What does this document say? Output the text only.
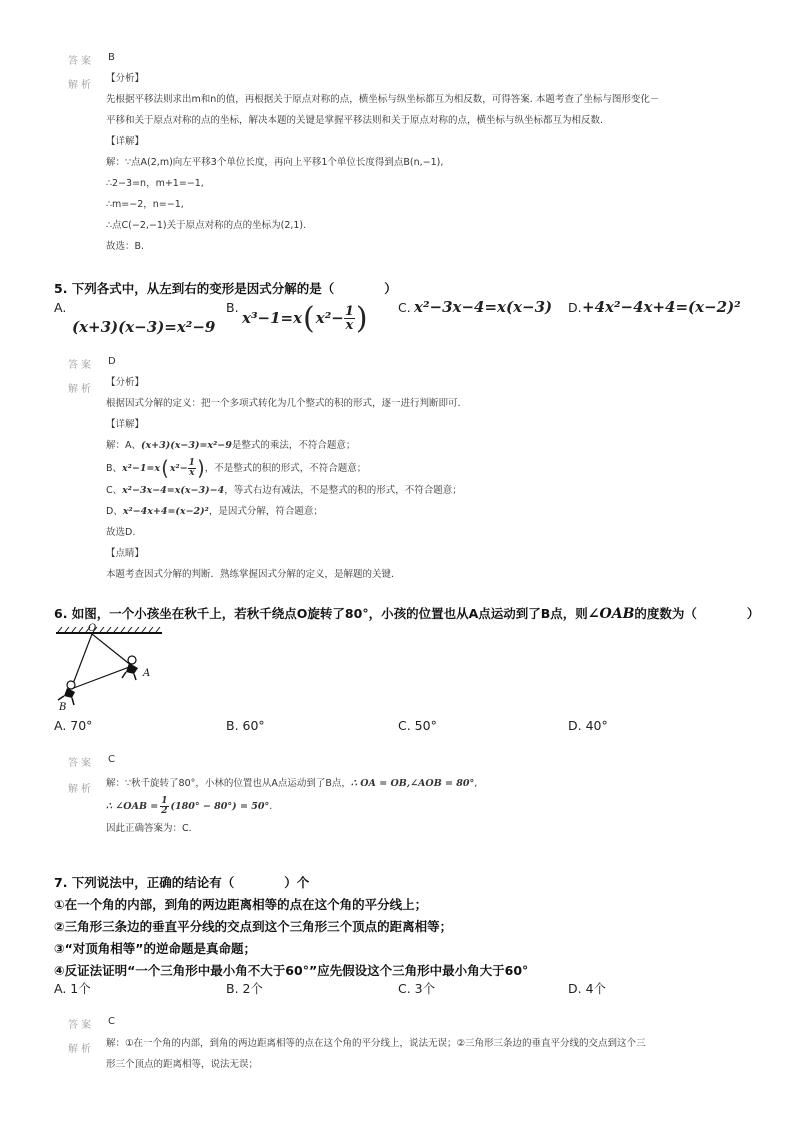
答案 B
解析
【分析】
先根据平移法则求出m和n的值，再根据关于原点对称的点，横坐标与纵坐标都互为相反数，可得答案. 本题考查了坐标与图形变化－
平移和关于原点对称的点的坐标，解决本题的关键是掌握平移法则和关于原点对称的点，横坐标与纵坐标都互为相反数.
【详解】
解：∵点A(2,m)向左平移3个单位长度，再向上平移1个单位长度得到点B(n,−1),
∴2−3=n，m+1=−1,
∴m=−2，n=−1,
∴点C(−2,−1)关于原点对称的点的坐标为(2,1).
故选：B.
5. 下列各式中，从左到右的变形是因式分解的是（　　　　）
A.
(x+3)(x−3)=x²−9
B.
x³−1=x ( $x^2- \frac{1}{x}$ ) C. x²−3x−4=x(x−3) D. +4x²−4x+4=(x−2)²
答案 D
解析
【分析】
根据因式分解的定义：把一个多项式转化为几个整式的积的形式，逐一进行判断即可.
【详解】
解：A、(x+3)(x−3)=x²−9是整式的乘法，不符合题意；
B、 x²−1=x ( $x^2- \frac{1}{x}$ ) ，不是整式的积的形式，不符合题意；
C、x²−3x−4=x(x−3)−4，等式右边有减法，不是整式的积的形式，不符合题意；
D、x²−4x+4=(x−2)²，是因式分解，符合题意；
故选D.
【点睛】
本题考查因式分解的判断．熟练掌握因式分解的定义，是解题的关键．
6. 如图，一个小孩坐在秋千上，若秋千绕点O旋转了80°，小孩的位置也从A点运动到了B点，则∠OAB的度数为（　　　　）
O
A
B
A. 70°	B. 60°	C. 50°	D. 40°
答案 C
解析
解：∵秋千旋转了80°，小林的位置也从A点运动到了B点，∴ OA = OB,∠AOB = 80°,
∴ ∠OAB = $\frac{1}{2} (180^\circ - 80^\circ) = 50^\circ$ .
因此正确答案为：C.
7. 下列说法中，正确的结论有（　　　　）个
①在一个角的内部，到角的两边距离相等的点在这个角的平分线上；
②三角形三条边的垂直平分线的交点到这个三角形三个顶点的距离相等；
③“对顶角相等”的逆命题是真命题；
④反证法证明“一个三角形中最小角不大于60°”应先假设这个三角形中最小角大于60°
A. 1个	B. 2个	C. 3个	D. 4个
答案 C
解析
解：①在一个角的内部，到角的两边距离相等的点在这个角的平分线上，说法无误；②三角形三条边的垂直平分线的交点到这个三
形三个顶点的距离相等，说法无误；
